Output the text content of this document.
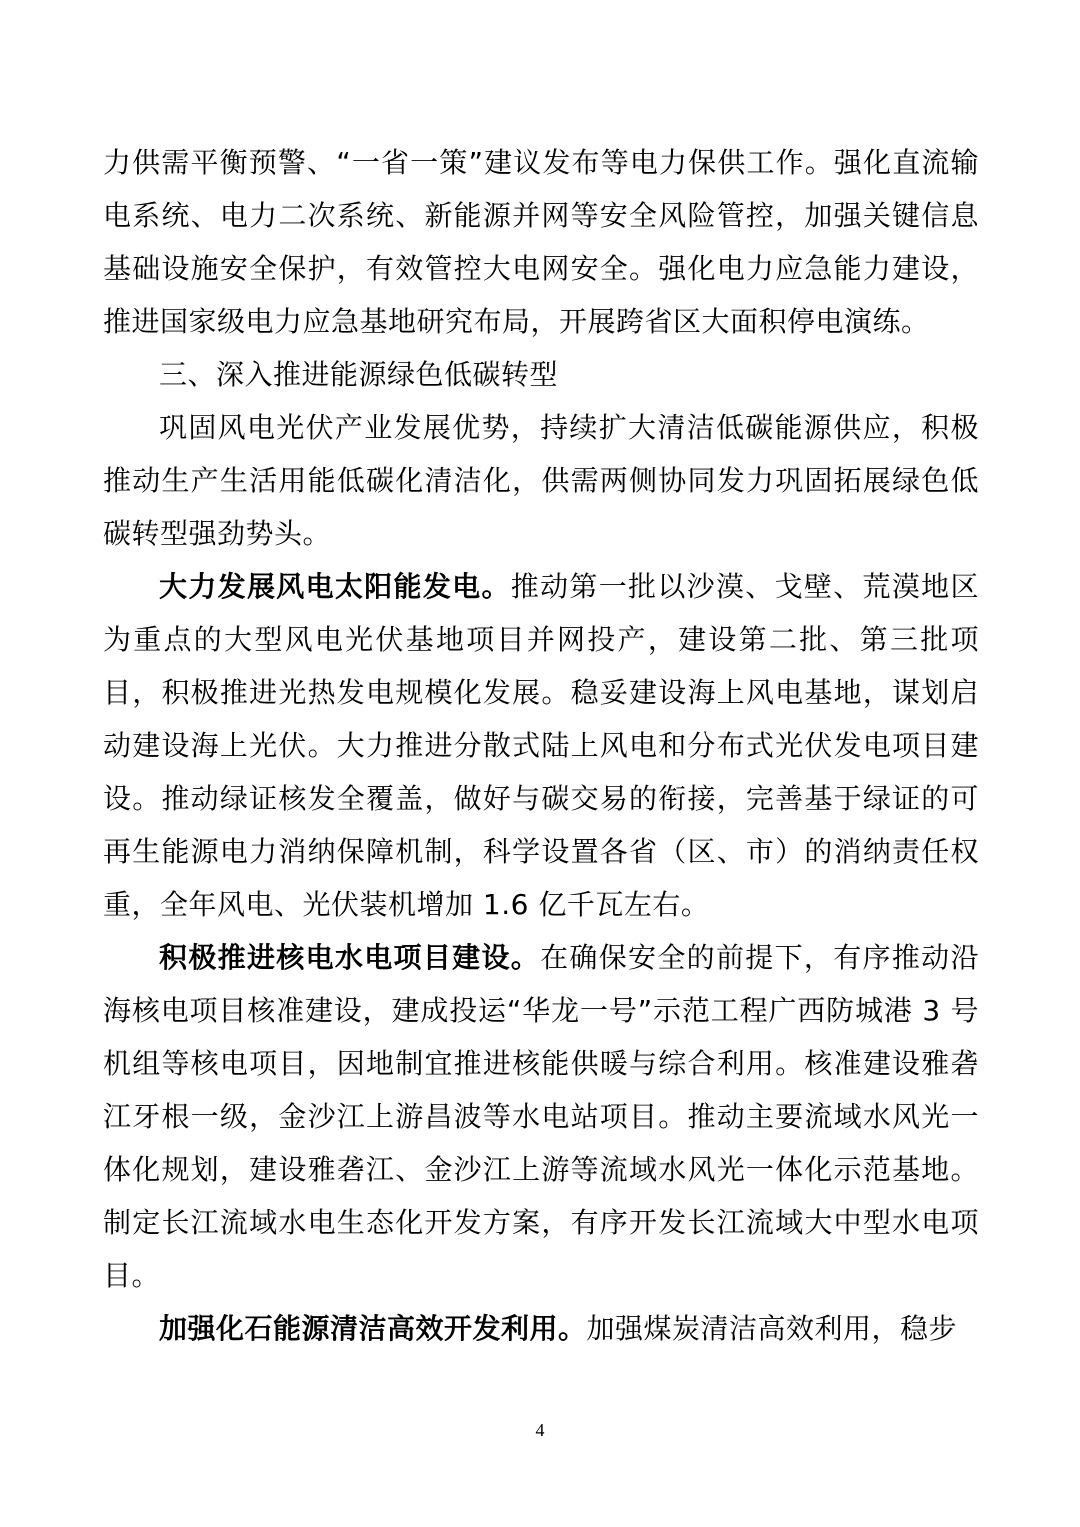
力供需平衡预警、“一省一策”建议发布等电力保供工作。强化直流输电系统、电力二次系统、新能源并网等安全风险管控，加强关键信息基础设施安全保护，有效管控大电网安全。强化电力应急能力建设，推进国家级电力应急基地研究布局，开展跨省区大面积停电演练。

三、深入推进能源绿色低碳转型

巩固风电光伏产业发展优势，持续扩大清洁低碳能源供应，积极推动生产生活用能低碳化清洁化，供需两侧协同发力巩固拓展绿色低碳转型强劲势头。

大力发展风电太阳能发电。推动第一批以沙漠、戈壁、荒漠地区为重点的大型风电光伏基地项目并网投产，建设第二批、第三批项目，积极推进光热发电规模化发展。稳妥建设海上风电基地，谋划启动建设海上光伏。大力推进分散式陆上风电和分布式光伏发电项目建设。推动绿证核发全覆盖，做好与碳交易的衔接，完善基于绿证的可再生能源电力消纳保障机制，科学设置各省（区、市）的消纳责任权重，全年风电、光伏装机增加 1.6 亿千瓦左右。

积极推进核电水电项目建设。在确保安全的前提下，有序推动沿海核电项目核准建设，建成投运“华龙一号”示范工程广西防城港 3 号机组等核电项目，因地制宜推进核能供暖与综合利用。核准建设雅砻江牙根一级，金沙江上游昌波等水电站项目。推动主要流域水风光一体化规划，建设雅砻江、金沙江上游等流域水风光一体化示范基地。制定长江流域水电生态化开发方案，有序开发长江流域大中型水电项目。

加强化石能源清洁高效开发利用。加强煤炭清洁高效利用，稳步

4
